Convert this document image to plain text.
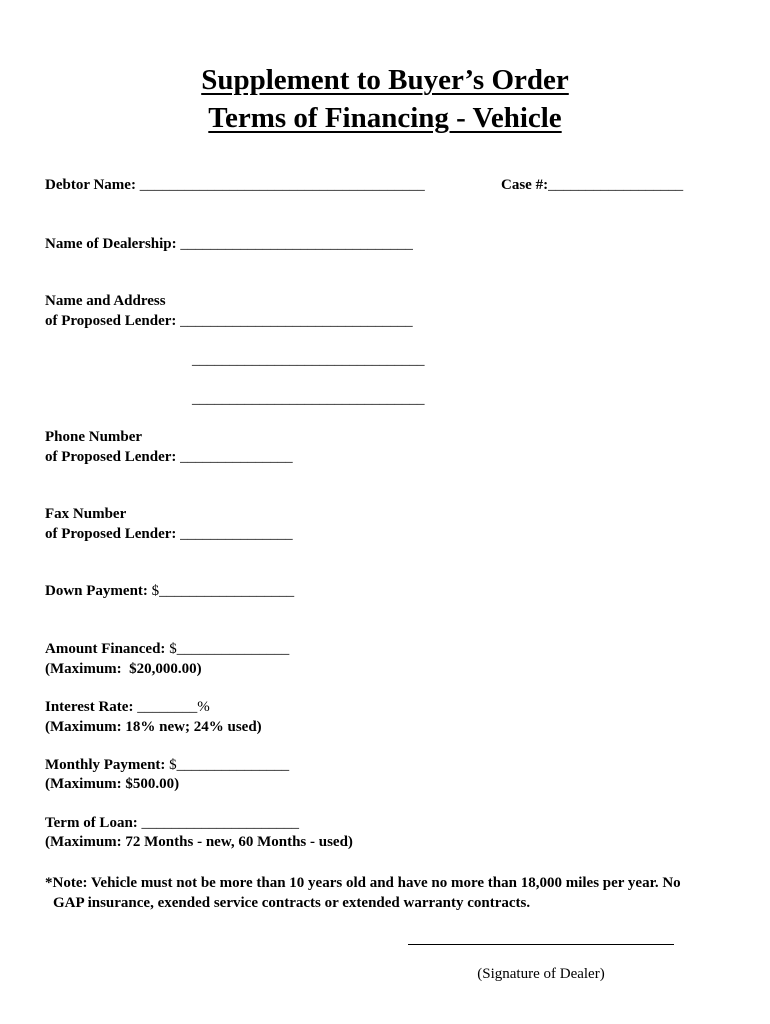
Supplement to Buyer’s Order
Terms of Financing - Vehicle
Debtor Name: ______________________________________	Case #:__________________
Name of Dealership: _______________________________
Name and Address
of Proposed Lender: _______________________________
_______________________________
_______________________________
Phone Number
of Proposed Lender: _______________
Fax Number
of Proposed Lender: _______________
Down Payment: $__________________
Amount Financed: $_______________
(Maximum:  $20,000.00)
Interest Rate: ________%
(Maximum: 18% new; 24% used)
Monthly Payment: $_______________
(Maximum: $500.00)
Term of Loan: _____________________
(Maximum: 72 Months - new, 60 Months - used)
*Note: Vehicle must not be more than 10 years old and have no more than 18,000 miles per year. No
GAP insurance, exended service contracts or extended warranty contracts.
(Signature of Dealer)
